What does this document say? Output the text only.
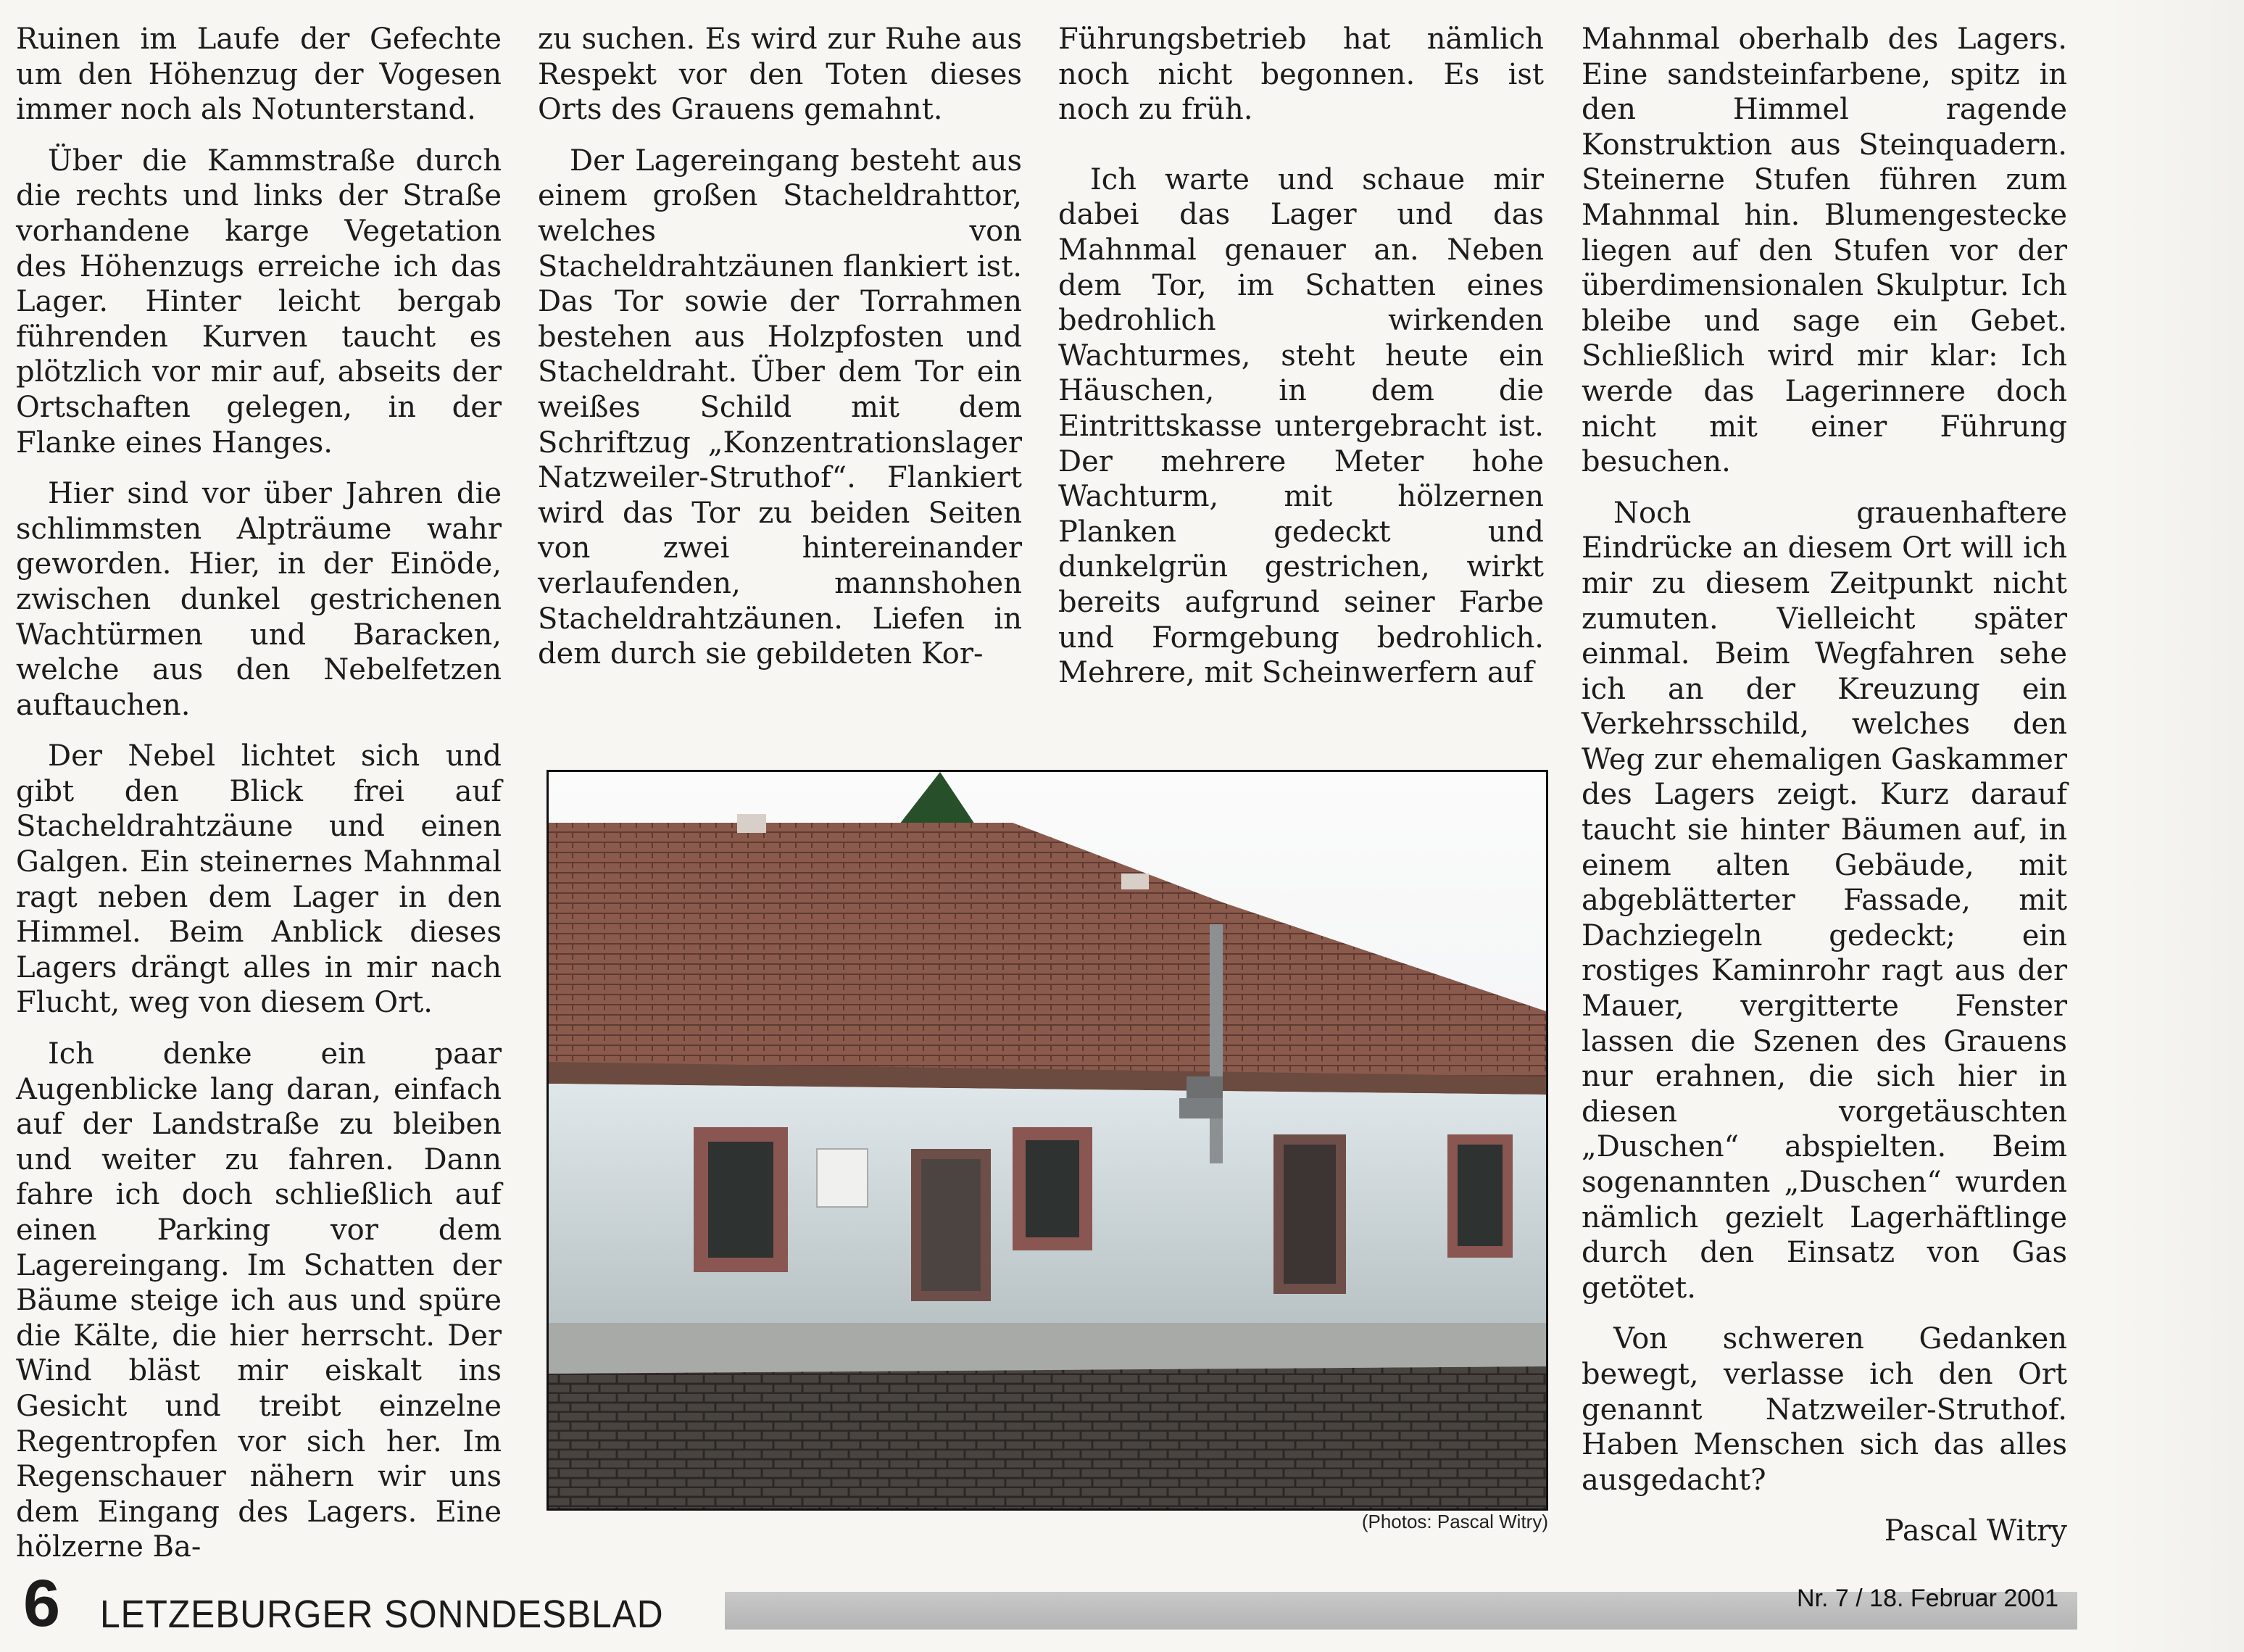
Ruinen im Laufe der Gefechte um den Höhenzug der Vogesen immer noch als Notunterstand.

Über die Kammstraße durch die rechts und links der Straße vorhandene karge Vegetation des Höhenzugs erreiche ich das Lager. Hinter leicht bergab führenden Kurven taucht es plötzlich vor mir auf, abseits der Ortschaften gelegen, in der Flanke eines Hanges.

Hier sind vor über Jahren die schlimmsten Alpträume wahr geworden. Hier, in der Einöde, zwischen dunkel gestrichenen Wachtürmen und Baracken, welche aus den Nebelfetzen auftauchen.

Der Nebel lichtet sich und gibt den Blick frei auf Stacheldrahtzäune und einen Galgen. Ein steinernes Mahnmal ragt neben dem Lager in den Himmel. Beim Anblick dieses Lagers drängt alles in mir nach Flucht, weg von diesem Ort.

Ich denke ein paar Augenblicke lang daran, einfach auf der Landstraße zu bleiben und weiter zu fahren. Dann fahre ich doch schließlich auf einen Parking vor dem Lagereingang. Im Schatten der Bäume steige ich aus und spüre die Kälte, die hier herrscht. Der Wind bläst mir eiskalt ins Gesicht und treibt einzelne Regentropfen vor sich her. Im Regenschauer nähern wir uns dem Eingang des Lagers. Eine hölzerne Ba-

zu suchen. Es wird zur Ruhe aus Respekt vor den Toten dieses Orts des Grauens gemahnt.

Der Lagereingang besteht aus einem großen Stacheldrahttor, welches von Stacheldrahtzäunen flankiert ist. Das Tor sowie der Torrahmen bestehen aus Holzpfosten und Stacheldraht. Über dem Tor ein weißes Schild mit dem Schriftzug „Konzentrationslager Natzweiler-Struthof“. Flankiert wird das Tor zu beiden Seiten von zwei hintereinander verlaufenden, mannshohen Stacheldrahtzäunen. Liefen in dem durch sie gebildeten Kor-

Führungsbetrieb hat nämlich noch nicht begonnen. Es ist noch zu früh.

Ich warte und schaue mir dabei das Lager und das Mahnmal genauer an. Neben dem Tor, im Schatten eines bedrohlich wirkenden Wachturmes, steht heute ein Häuschen, in dem die Eintrittskasse untergebracht ist. Der mehrere Meter hohe Wachturm, mit hölzernen Planken gedeckt und dunkelgrün gestrichen, wirkt bereits aufgrund seiner Farbe und Formgebung bedrohlich. Mehrere, mit Scheinwerfern auf

Mahnmal oberhalb des Lagers. Eine sandsteinfarbene, spitz in den Himmel ragende Konstruktion aus Steinquadern. Steinerne Stufen führen zum Mahnmal hin. Blumengestecke liegen auf den Stufen vor der überdimensionalen Skulptur. Ich bleibe und sage ein Gebet. Schließlich wird mir klar: Ich werde das Lagerinnere doch nicht mit einer Führung besuchen.

Noch grauenhaftere Eindrücke an diesem Ort will ich mir zu diesem Zeitpunkt nicht zumuten. Vielleicht später einmal. Beim Wegfahren sehe ich an der Kreuzung ein Verkehrsschild, welches den Weg zur ehemaligen Gaskammer des Lagers zeigt. Kurz darauf taucht sie hinter Bäumen auf, in einem alten Gebäude, mit abgeblätterter Fassade, mit Dachziegeln gedeckt; ein rostiges Kaminrohr ragt aus der Mauer, vergitterte Fenster lassen die Szenen des Grauens nur erahnen, die sich hier in diesen vorgetäuschten „Duschen“ abspielten. Beim sogenannten „Duschen“ wurden nämlich gezielt Lagerhäftlinge durch den Einsatz von Gas getötet.

Von schweren Gedanken bewegt, verlasse ich den Ort genannt Natzweiler-Struthof. Haben Menschen sich das alles ausgedacht?

Pascal Witry
(Photos: Pascal Witry)
6 LETZEBURGER SONNDESBLAD	Nr. 7 / 18. Februar 2001
